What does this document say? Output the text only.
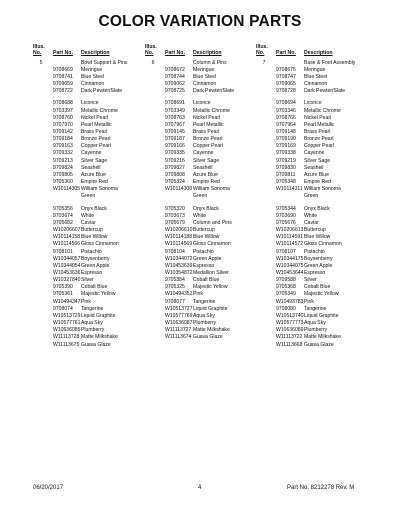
COLOR VARIATION PARTS
Illus.
No.	Part No.	Description
5	Bowl Support & Pins
9708669	Meringue
9708741	Blue Steel
9709059	Cinnamon
9708722	Dark Pewter/Slate
9708688	Licorice
9703397	Metallic Chrome
9708760	Nickel Pearl
9707970	Pearl Metallic
9709142	Brass Pearl
9709184	Bronze Pearl
9709163	Copper Pearl
9709332	Cayenne
9709213	Silver Sage
9709824	Seashell
9709805	Azure Blue
9705360	Empire Red
W10114305 William Sonoma
Green
9705356	Onyx Black
9703674	White
9705682	Caviar
W10206607 Buttercup
W10114158 Blue Willow
W10114566 Gloss Cinnamon
9708101	Pistachio
W10344057 Boysenberry
W10344054 Green Apple
W10453636 Espresso
W10327840 Silver
9705390	Cobalt Blue
9705361	Majestic Yellow
W10494347 Pink
9708074	Tangerine
W10513729 Liquid Graphite
W10577761 Aqua Sky
W10636085 Plumberry
W11113728 Matte Milkshake
W11113675 Guava Glaze
Illus.
No.	Part No.	Description
6	Column & Pins
9708672	Meringue
9708744	Blue Steel
9709062	Cinnamon
9708725	Dark Pewter/Slate
9708691	Licorice
9703349	Metallic Chrome
9708763	Nickel Pearl
9707967	Pearl Metallic
9709145	Brass Pearl
9709187	Bronze Pearl
9709166	Copper Pearl
9709335	Cayenne
9709216	Silver Sage
9709827	Seashell
9709808	Azure Blue
9705324	Empire Red
W10114308 William Sonoma
Green
9705320	Onyx Black
9703673	White
9705679	Column and Pins
W10206610 Buttercup
W10114188 Blue Willow
W10114569 Gloss Cinnamon
9708104	Pistachio
W10344072 Green Apple
W10453639 Espresso
W10354872 Medallion Silver
9705384	Cobalt Blue
9705325	Majestic Yellow
W10494352 Pink
9708077	Tangerine
W10513727 Liquid Graphite
W10577769 Aqua Sky
W10636087 Plumberry
W11113727 Matte Milkshake
W11113674 Guava Glaze
Illus.
No.	Part No.	Description
7	Base & Foot Assembly
9708675	Meringue
9708747	Blue Steel
9709065	Cinnamon
9708728	Dark Pewter/Slate
9708694	Licorice
9703346	Metallic Chrome
9708766	Nickel Pearl
9707964	Pearl Metallic
9709148	Brass Pearl
9709190	Bronze Pearl
9709169	Copper Pearl
9709338	Cayenne
9709219	Silver Sage
9709830	Seashell
9709811	Azure Blue
9705348	Empire Red
W10114311 William Sonoma
Green
9705344	Onyx Black
9703690	White
9705676	Caviar
W10206613 Buttercup
W10114591 Blue Willow
W10114572 Gloss Cinnamon
9708107	Pistachio
W10344175 Boysenberry
W10344075 Green Apple
W10453644 Espresso
9709588	Silver
9705368	Cobalt Blue
9705349	Majestic Yellow
W10493783 Pink
9708080	Tangerine
W10513740 Liquid Graphite
W10577773 Aqua Sky
W10636089 Plumberry
W11113722 Matte Milkshake
W11113668 Guava Glaze
06/20/2017	4	Part No. 8212278 Rev. M
